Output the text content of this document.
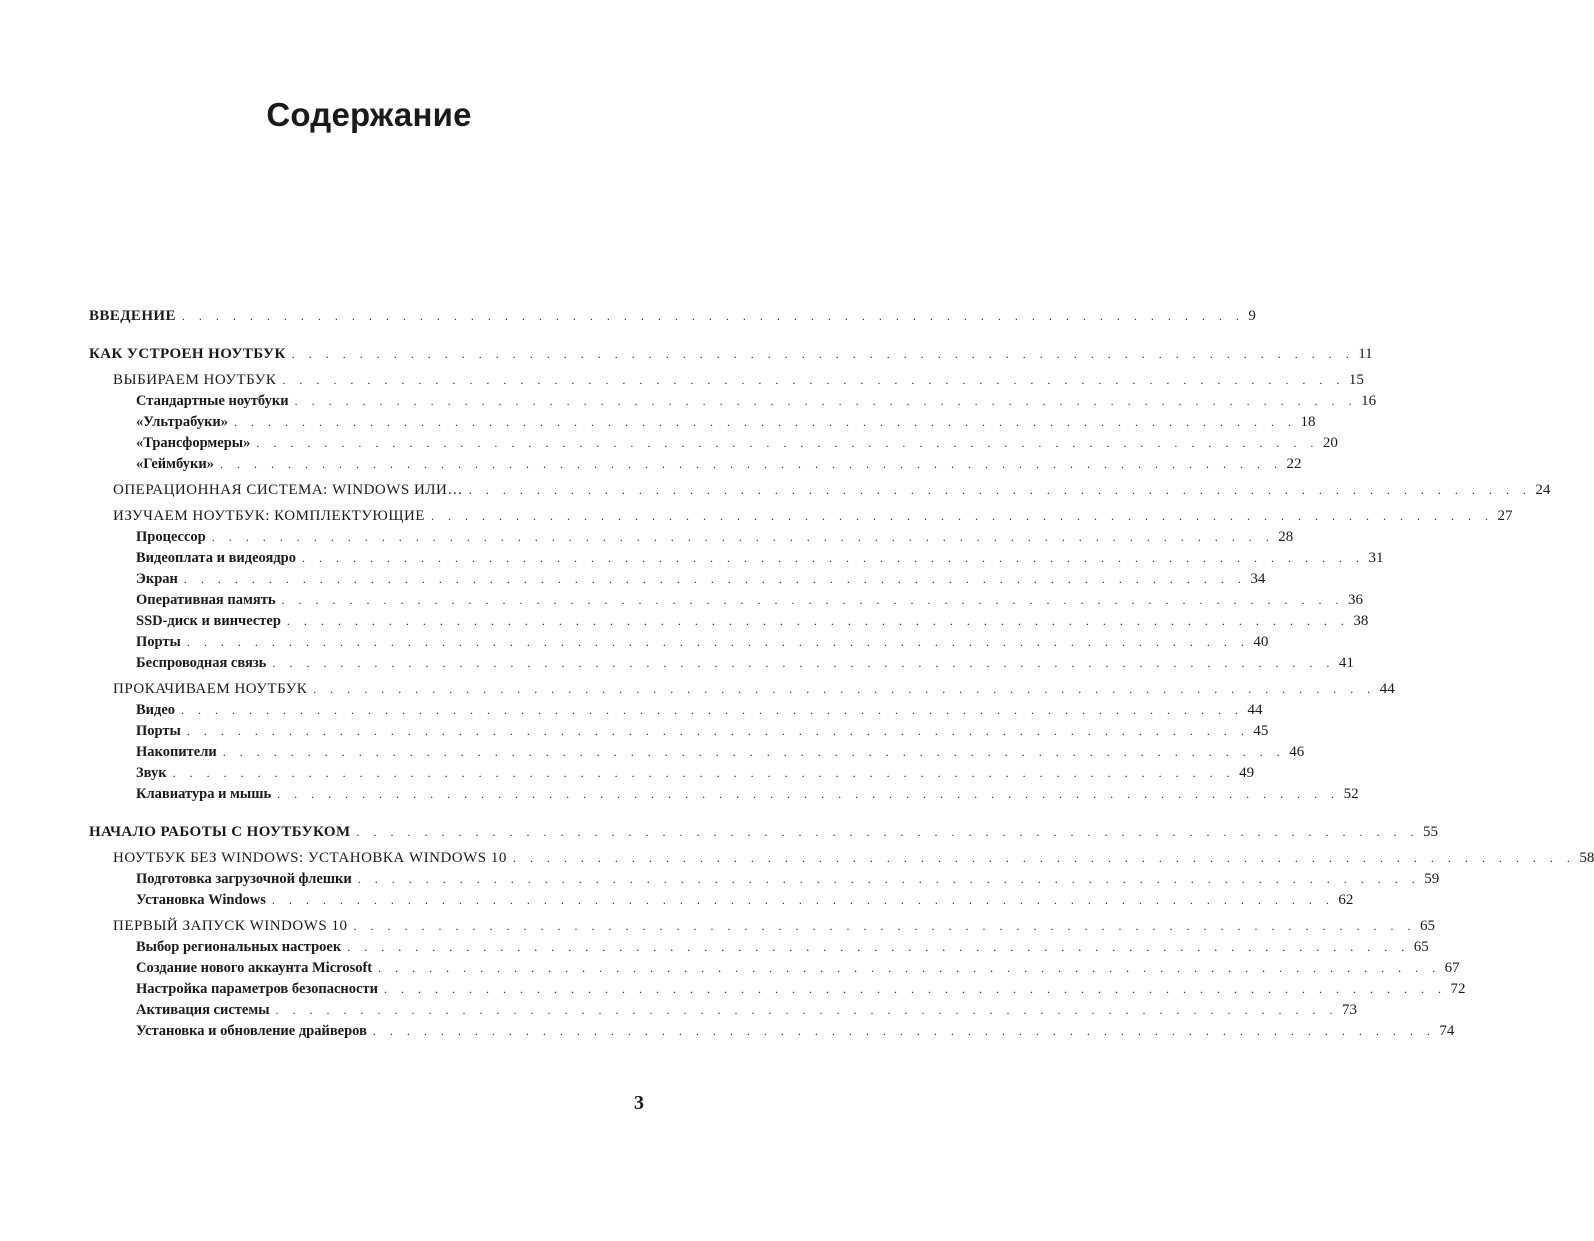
Содержание
ВВЕДЕНИЕ . . . . . . . . . . . . . . . . . . . . . . . . . . . . . . . . . . . . . . . . . . . . . . . . . . . . . . . . . . . . . . . 9
КАК УСТРОЕН НОУТБУК . . . . . . . . . . . . . . . . . . . . . . . . . . . . . . . . . . . . . . . . . . . . . . . . . . . . . . . . . . . . . . . 11
ВЫБИРАЕМ НОУТБУК . . . . . . . . . . . . . . . . . . . . . . . . . . . . . . . . . . . . . . . . . . . . . . . . . . . . . . . . . . . . . . . 15
Стандартные ноутбуки . . . . . . . . . . . . . . . . . . . . . . . . . . . . . . . . . . . . . . . . . . . . . . . . . . . . . . . . . . . . . . . 16
«Ультрабуки» . . . . . . . . . . . . . . . . . . . . . . . . . . . . . . . . . . . . . . . . . . . . . . . . . . . . . . . . . . . . . . . 18
«Трансформеры» . . . . . . . . . . . . . . . . . . . . . . . . . . . . . . . . . . . . . . . . . . . . . . . . . . . . . . . . . . . . . . . 20
«Геймбуки» . . . . . . . . . . . . . . . . . . . . . . . . . . . . . . . . . . . . . . . . . . . . . . . . . . . . . . . . . . . . . . . 22
ОПЕРАЦИОННАЯ СИСТЕМА: WINDOWS ИЛИ… . . . . . . . . . . . . . . . . . . . . . . . . . . . . . . . . . . . . . . . . . . . . . . . . . . . . . . . . . . . . . . . 24
ИЗУЧАЕМ НОУТБУК: КОМПЛЕКТУЮЩИЕ . . . . . . . . . . . . . . . . . . . . . . . . . . . . . . . . . . . . . . . . . . . . . . . . . . . . . . . . . . . . . . . 27
Процессор . . . . . . . . . . . . . . . . . . . . . . . . . . . . . . . . . . . . . . . . . . . . . . . . . . . . . . . . . . . . . . . 28
Видеоплата и видеоядро . . . . . . . . . . . . . . . . . . . . . . . . . . . . . . . . . . . . . . . . . . . . . . . . . . . . . . . . . . . . . . . 31
Экран . . . . . . . . . . . . . . . . . . . . . . . . . . . . . . . . . . . . . . . . . . . . . . . . . . . . . . . . . . . . . . . 34
Оперативная память . . . . . . . . . . . . . . . . . . . . . . . . . . . . . . . . . . . . . . . . . . . . . . . . . . . . . . . . . . . . . . . 36
SSD-диск и винчестер . . . . . . . . . . . . . . . . . . . . . . . . . . . . . . . . . . . . . . . . . . . . . . . . . . . . . . . . . . . . . . . 38
Порты . . . . . . . . . . . . . . . . . . . . . . . . . . . . . . . . . . . . . . . . . . . . . . . . . . . . . . . . . . . . . . . 40
Беспроводная связь . . . . . . . . . . . . . . . . . . . . . . . . . . . . . . . . . . . . . . . . . . . . . . . . . . . . . . . . . . . . . . . 41
ПРОКАЧИВАЕМ НОУТБУК . . . . . . . . . . . . . . . . . . . . . . . . . . . . . . . . . . . . . . . . . . . . . . . . . . . . . . . . . . . . . . . 44
Видео . . . . . . . . . . . . . . . . . . . . . . . . . . . . . . . . . . . . . . . . . . . . . . . . . . . . . . . . . . . . . . . 44
Порты . . . . . . . . . . . . . . . . . . . . . . . . . . . . . . . . . . . . . . . . . . . . . . . . . . . . . . . . . . . . . . . 45
Накопители . . . . . . . . . . . . . . . . . . . . . . . . . . . . . . . . . . . . . . . . . . . . . . . . . . . . . . . . . . . . . . . 46
Звук . . . . . . . . . . . . . . . . . . . . . . . . . . . . . . . . . . . . . . . . . . . . . . . . . . . . . . . . . . . . . . . 49
Клавиатура и мышь . . . . . . . . . . . . . . . . . . . . . . . . . . . . . . . . . . . . . . . . . . . . . . . . . . . . . . . . . . . . . . . 52
НАЧАЛО РАБОТЫ С НОУТБУКОМ . . . . . . . . . . . . . . . . . . . . . . . . . . . . . . . . . . . . . . . . . . . . . . . . . . . . . . . . . . . . . . . 55
НОУТБУК БЕЗ WINDOWS: УСТАНОВКА WINDOWS 10 . . . . . . . . . . . . . . . . . . . . . . . . . . . . . . . . . . . . . . . . . . . . . . . . . . . . . . . . . . . . . . . 58
Подготовка загрузочной флешки . . . . . . . . . . . . . . . . . . . . . . . . . . . . . . . . . . . . . . . . . . . . . . . . . . . . . . . . . . . . . . . 59
Установка Windows . . . . . . . . . . . . . . . . . . . . . . . . . . . . . . . . . . . . . . . . . . . . . . . . . . . . . . . . . . . . . . . 62
ПЕРВЫЙ ЗАПУСК WINDOWS 10 . . . . . . . . . . . . . . . . . . . . . . . . . . . . . . . . . . . . . . . . . . . . . . . . . . . . . . . . . . . . . . . 65
Выбор региональных настроек . . . . . . . . . . . . . . . . . . . . . . . . . . . . . . . . . . . . . . . . . . . . . . . . . . . . . . . . . . . . . . . 65
Создание нового аккаунта Microsoft . . . . . . . . . . . . . . . . . . . . . . . . . . . . . . . . . . . . . . . . . . . . . . . . . . . . . . . . . . . . . . . 67
Настройка параметров безопасности . . . . . . . . . . . . . . . . . . . . . . . . . . . . . . . . . . . . . . . . . . . . . . . . . . . . . . . . . . . . . . . 72
Активация системы . . . . . . . . . . . . . . . . . . . . . . . . . . . . . . . . . . . . . . . . . . . . . . . . . . . . . . . . . . . . . . . 73
Установка и обновление драйверов . . . . . . . . . . . . . . . . . . . . . . . . . . . . . . . . . . . . . . . . . . . . . . . . . . . . . . . . . . . . . . . 74
3
